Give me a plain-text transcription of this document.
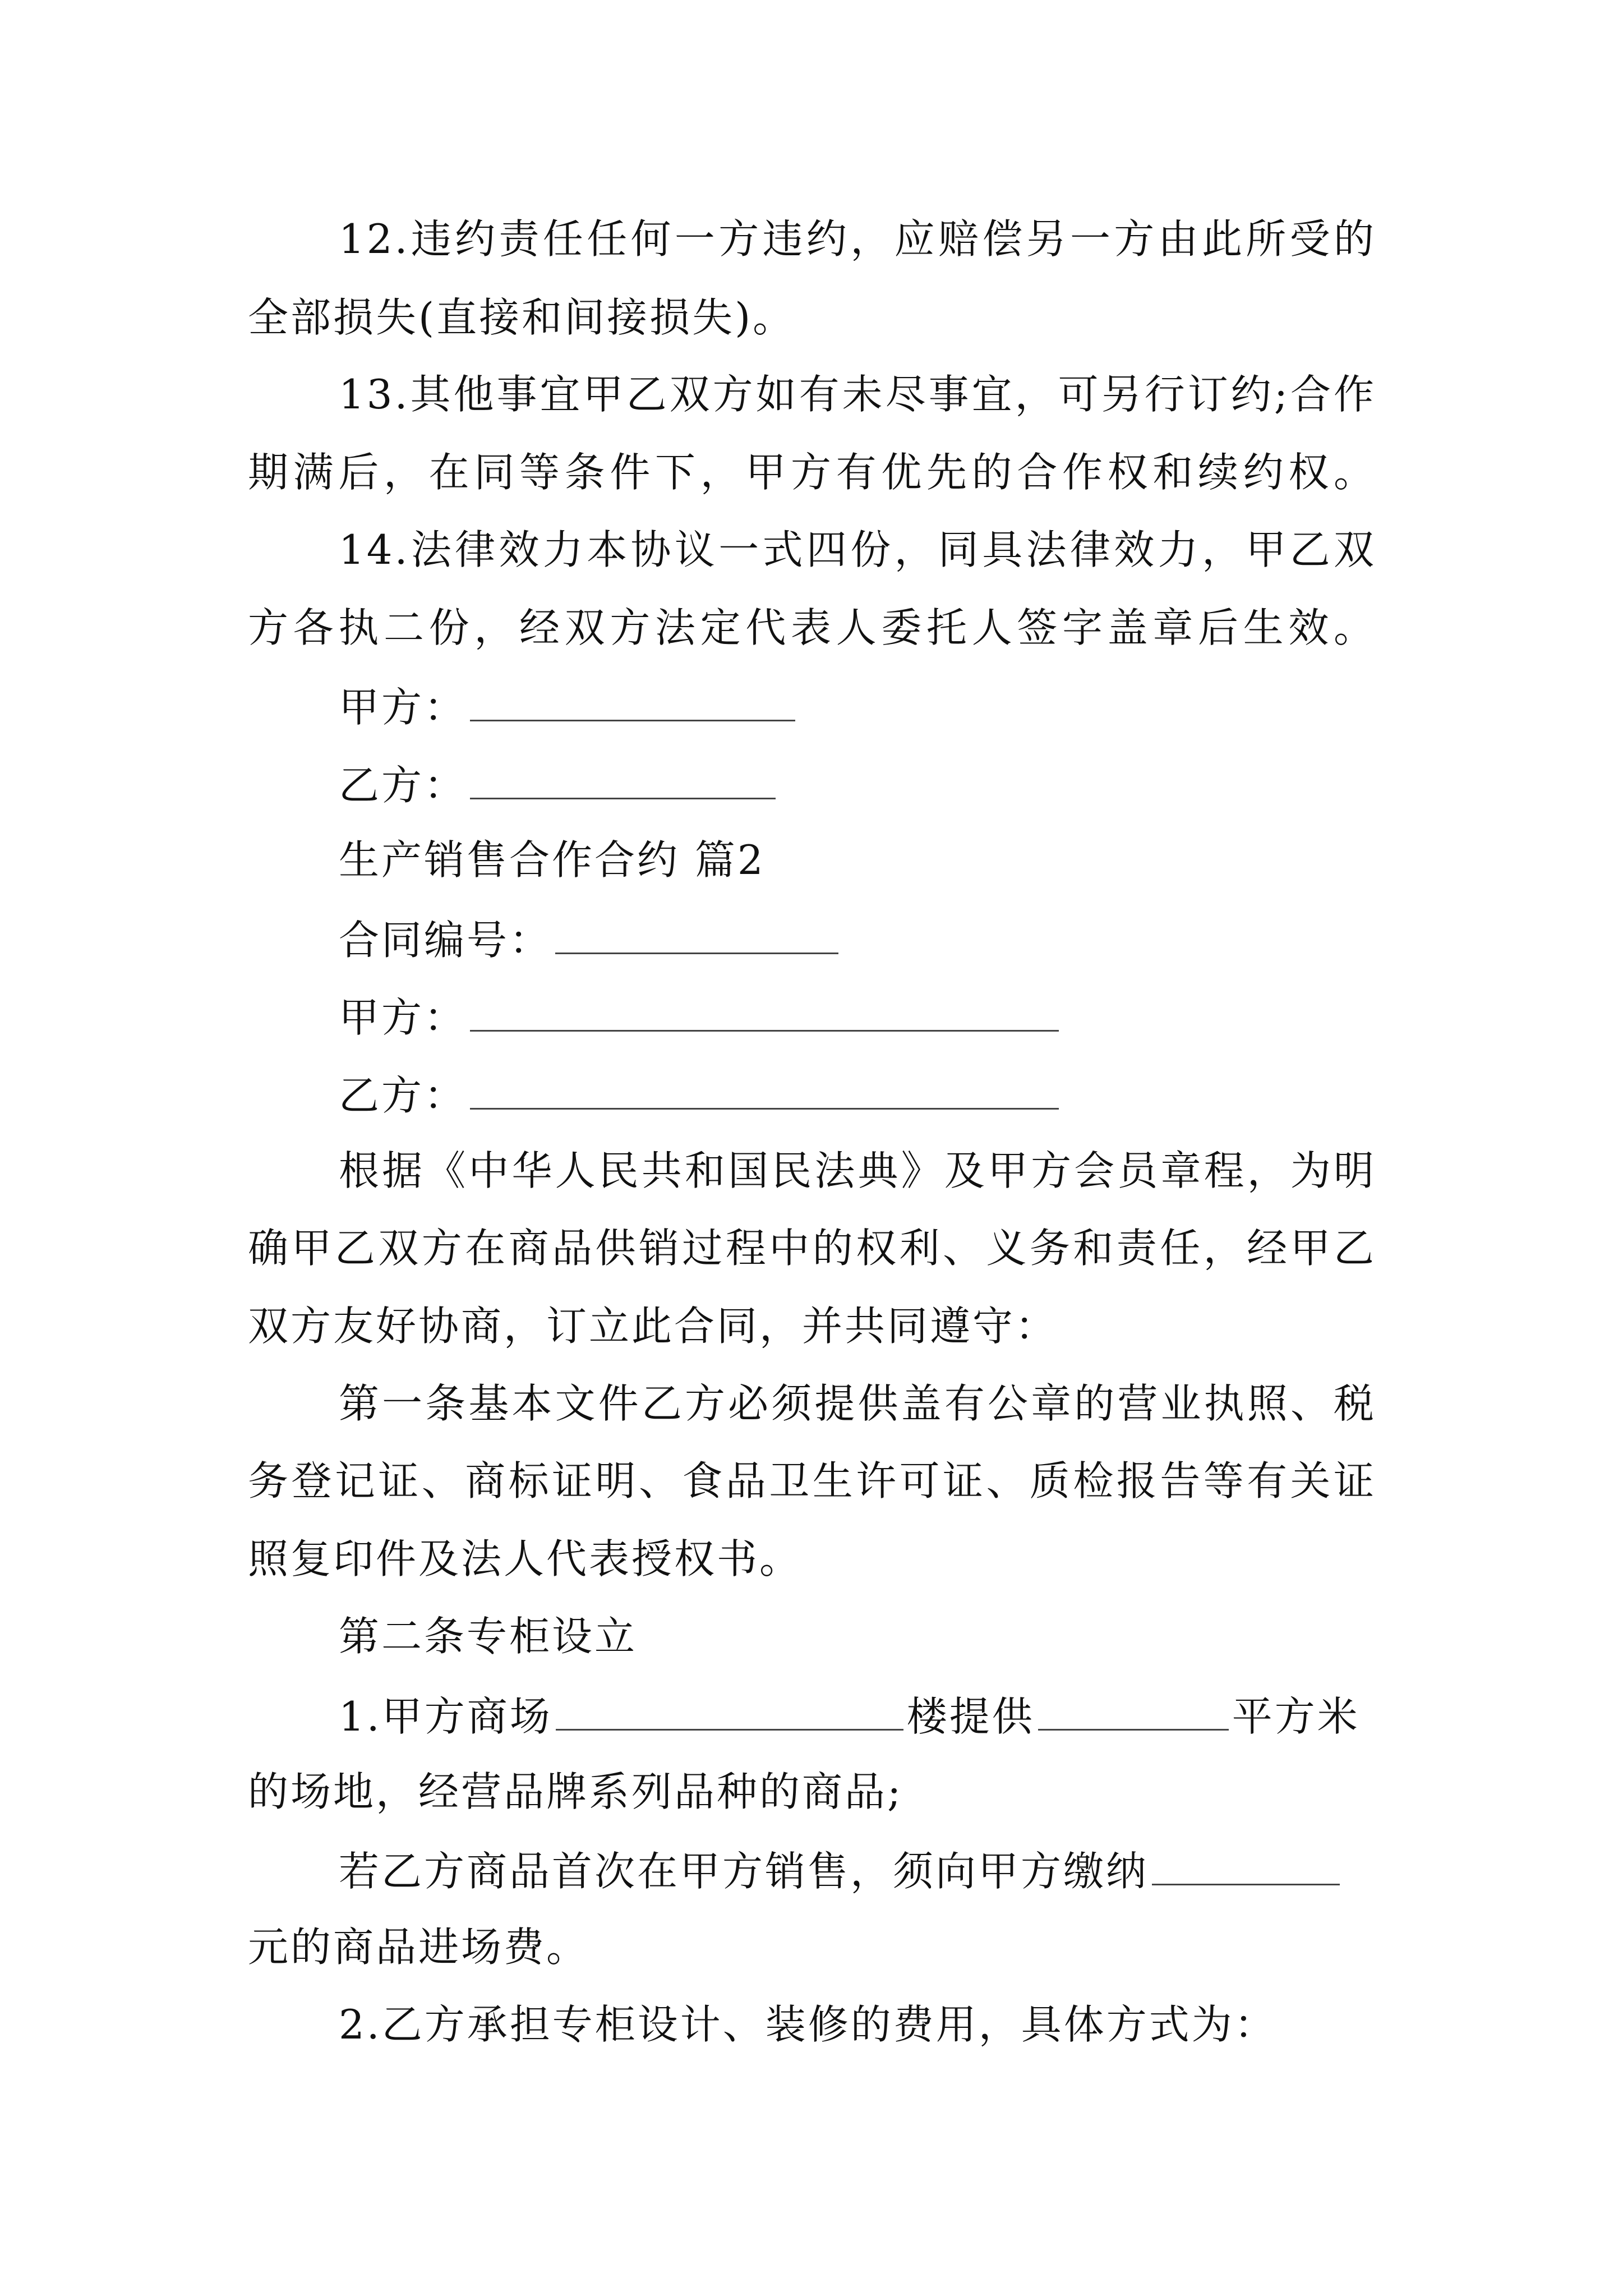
12.违约责任任何一方违约，应赔偿另一方由此所受的
全部损失(直接和间接损失)。
13.其他事宜甲乙双方如有未尽事宜，可另行订约;合作
期满后，在同等条件下，甲方有优先的合作权和续约权。
14.法律效力本协议一式四份，同具法律效力，甲乙双
方各执二份，经双方法定代表人委托人签字盖章后生效。
甲方：
乙方：
生产销售合作合约 篇2
合同编号：
甲方：
乙方：
根据《中华人民共和国民法典》及甲方会员章程，为明
确甲乙双方在商品供销过程中的权利、义务和责任，经甲乙
双方友好协商，订立此合同，并共同遵守：
第一条基本文件乙方必须提供盖有公章的营业执照、税
务登记证、商标证明、食品卫生许可证、质检报告等有关证
照复印件及法人代表授权书。
第二条专柜设立
1.甲方商场	楼提供	平方米
的场地，经营品牌系列品种的商品;
若乙方商品首次在甲方销售，须向甲方缴纳
元的商品进场费。
2.乙方承担专柜设计、装修的费用，具体方式为：
